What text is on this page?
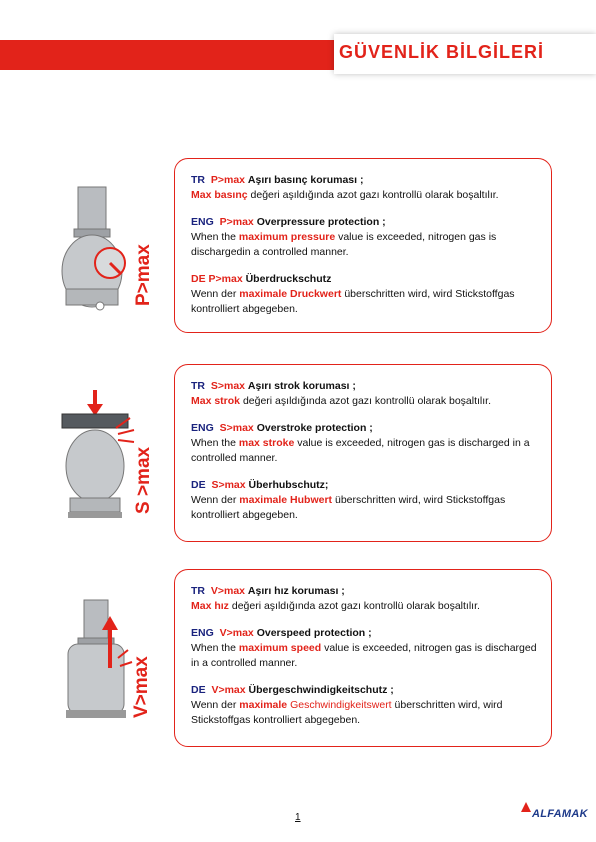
GÜVENLİK BİLGİLERİ
P>max

TR P>max Aşırı basınç koruması ;
Max basınç değeri aşıldığında azot gazı kontrollü olarak boşaltılır.

ENG P>max Overpressure protection ;
When the maximum pressure value is exceeded, nitrogen gas is dischargedin a controlled manner.

DE P>max Überdruckschutz
Wenn der maximale Druckwert überschritten wird, wird Stickstoffgas kontrolliert abgegeben.

S >max

TR S>max Aşırı strok koruması ;
Max strok değeri aşıldığında azot gazı kontrollü olarak boşaltılır.

ENG S>max Overstroke protection ;
When the max stroke value is exceeded, nitrogen gas is discharged in a controlled manner.

DE S>max Überhubschutz;
Wenn der maximale Hubwert überschritten wird, wird Stickstoffgas kontrolliert abgegeben.

V>max

TR V>max Aşırı hız koruması ;
Max hız değeri aşıldığında azot gazı kontrollü olarak boşaltılır.

ENG V>max Overspeed protection ;
When the maximum speed value is exceeded, nitrogen gas is discharged in a controlled manner.

DE V>max Übergeschwindigkeitschutz ;
Wenn der maximale Geschwindigkeitswert überschritten wird, wird Stickstoffgas kontrolliert abgegeben.

1	ALFAMAK
